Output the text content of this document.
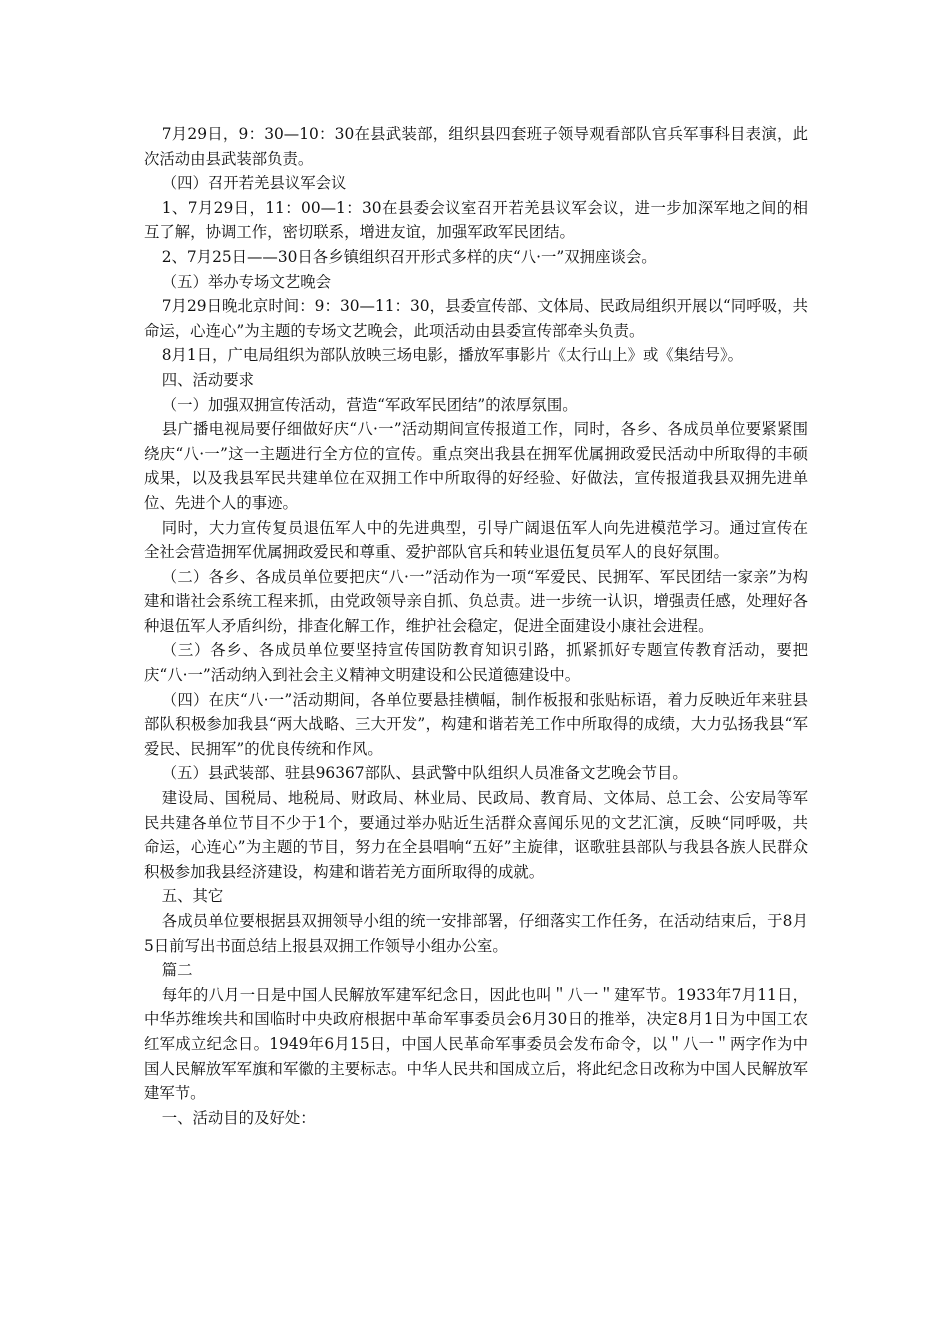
7月29日，9：30—10：30在县武装部，组织县四套班子领导观看部队官兵军事科目表演，此次活动由县武装部负责。

（四）召开若羌县议军会议

1、7月29日，11：00—1：30在县委会议室召开若羌县议军会议，进一步加深军地之间的相互了解，协调工作，密切联系，增进友谊，加强军政军民团结。

2、7月25日——30日各乡镇组织召开形式多样的庆“八·一”双拥座谈会。

（五）举办专场文艺晚会

7月29日晚北京时间：9：30—11：30，县委宣传部、文体局、民政局组织开展以“同呼吸，共命运，心连心”为主题的专场文艺晚会，此项活动由县委宣传部牵头负责。

8月1日，广电局组织为部队放映三场电影，播放军事影片《太行山上》或《集结号》。

四、活动要求

（一）加强双拥宣传活动，营造“军政军民团结”的浓厚氛围。

县广播电视局要仔细做好庆“八·一”活动期间宣传报道工作，同时，各乡、各成员单位要紧紧围绕庆“八·一”这一主题进行全方位的宣传。重点突出我县在拥军优属拥政爱民活动中所取得的丰硕成果，以及我县军民共建单位在双拥工作中所取得的好经验、好做法，宣传报道我县双拥先进单位、先进个人的事迹。

同时，大力宣传复员退伍军人中的先进典型，引导广阔退伍军人向先进模范学习。通过宣传在全社会营造拥军优属拥政爱民和尊重、爱护部队官兵和转业退伍复员军人的良好氛围。

（二）各乡、各成员单位要把庆“八·一”活动作为一项“军爱民、民拥军、军民团结一家亲”为构建和谐社会系统工程来抓，由党政领导亲自抓、负总责。进一步统一认识，增强责任感，处理好各种退伍军人矛盾纠纷，排查化解工作，维护社会稳定，促进全面建设小康社会进程。

（三）各乡、各成员单位要坚持宣传国防教育知识引路，抓紧抓好专题宣传教育活动，要把庆“八·一”活动纳入到社会主义精神文明建设和公民道德建设中。

（四）在庆“八·一”活动期间，各单位要悬挂横幅，制作板报和张贴标语，着力反映近年来驻县部队积极参加我县“两大战略、三大开发”，构建和谐若羌工作中所取得的成绩，大力弘扬我县“军爱民、民拥军”的优良传统和作风。

（五）县武装部、驻县96367部队、县武警中队组织人员准备文艺晚会节目。

建设局、国税局、地税局、财政局、林业局、民政局、教育局、文体局、总工会、公安局等军民共建各单位节目不少于1个，要通过举办贴近生活群众喜闻乐见的文艺汇演，反映“同呼吸，共命运，心连心”为主题的节目，努力在全县唱响“五好”主旋律，讴歌驻县部队与我县各族人民群众积极参加我县经济建设，构建和谐若羌方面所取得的成就。

五、其它

各成员单位要根据县双拥领导小组的统一安排部署，仔细落实工作任务，在活动结束后，于8月5日前写出书面总结上报县双拥工作领导小组办公室。

篇二

每年的八月一日是中国人民解放军建军纪念日，因此也叫＂八一＂建军节。1933年7月11日，中华苏维埃共和国临时中央政府根据中革命军事委员会6月30日的推举，决定8月1日为中国工农红军成立纪念日。1949年6月15日，中国人民革命军事委员会发布命令，以＂八一＂两字作为中国人民解放军军旗和军徽的主要标志。中华人民共和国成立后，将此纪念日改称为中国人民解放军建军节。

一、活动目的及好处：
